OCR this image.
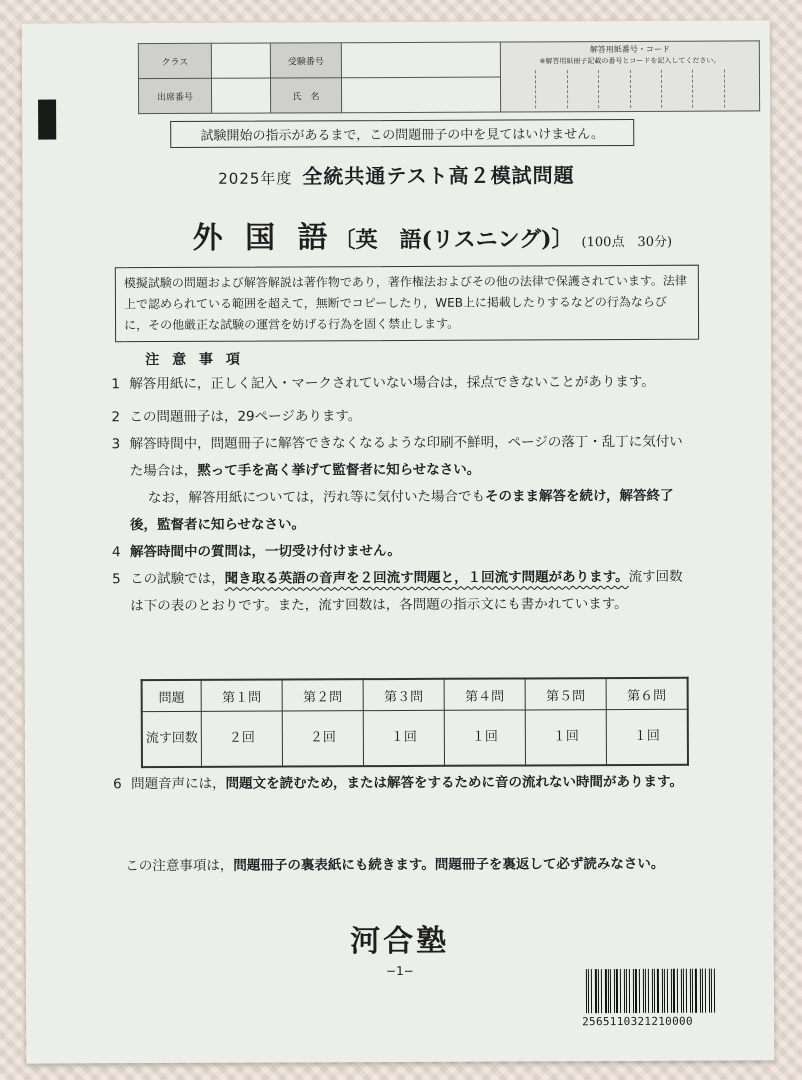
クラス		受験番号		解答用紙番号・コード
※解答用紙冊子記載の番号とコードを記入してください。

出席番号		氏　名		
試験開始の指示があるまで，この問題冊子の中を見てはいけません。
2025年度 全統共通テスト高２模試問題
外 国 語〔英　語(リスニング)〕 (100点　30分)
模擬試験の問題および解答解説は著作物であり，著作権法およびその他の法律で保護されています。法律上で認められている範囲を超えて，無断でコピーしたり，WEB上に掲載したりするなどの行為ならびに，その他厳正な試験の運営を妨げる行為を固く禁止します。
注 意 事 項
1 解答用紙に，正しく記入・マークされていない場合は，採点できないことがあります。
2 この問題冊子は，29ページあります。
3 解答時間中，問題冊子に解答できなくなるような印刷不鮮明，ページの落丁・乱丁に気付いた場合は，黙って手を高く挙げて監督者に知らせなさい。
なお，解答用紙については，汚れ等に気付いた場合でもそのまま解答を続け，解答終了後，監督者に知らせなさい。
4 解答時間中の質問は，一切受け付けません。
5 この試験では，聞き取る英語の音声を２回流す問題と，１回流す問題があります。流す回数は下の表のとおりです。また，流す回数は，各問題の指示文にも書かれています。
問題	第１問	第２問	第３問	第４問	第５問	第６問
流す回数	２回	２回	１回	１回	１回	１回
6 問題音声には，問題文を読むため，または解答をするために音の流れない時間があります。
この注意事項は，問題冊子の裏表紙にも続きます。問題冊子を裏返して必ず読みなさい。
河合塾
−1−
2565110321210000
